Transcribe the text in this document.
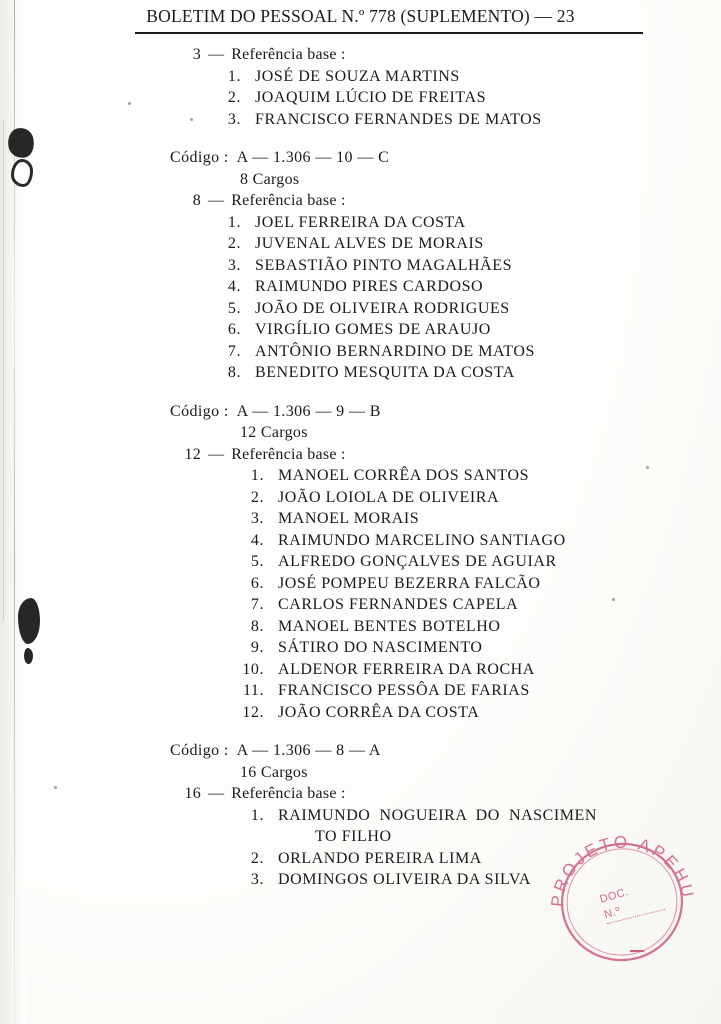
BOLETIM DO PESSOAL N.º 778 (SUPLEMENTO) — 23
3 — Referência base :
1. JOSÉ DE SOUZA MARTINS
2. JOAQUIM LÚCIO DE FREITAS
3. FRANCISCO FERNANDES DE MATOS
Código :  A — 1.306 — 10 — C
8 Cargos
8 — Referência base :
1. JOEL FERREIRA DA COSTA
2. JUVENAL ALVES DE MORAIS
3. SEBASTIÃO PINTO MAGALHÃES
4. RAIMUNDO PIRES CARDOSO
5. JOÃO DE OLIVEIRA RODRIGUES
6. VIRGÍLIO GOMES DE ARAUJO
7. ANTÔNIO BERNARDINO DE MATOS
8. BENEDITO MESQUITA DA COSTA
Código :  A — 1.306 — 9 — B
12 Cargos
12 — Referência base :
1. MANOEL CORRÊA DOS SANTOS
2. JOÃO LOIOLA DE OLIVEIRA
3. MANOEL MORAIS
4. RAIMUNDO MARCELINO SANTIAGO
5. ALFREDO GONÇALVES DE AGUIAR
6. JOSÉ POMPEU BEZERRA FALCÃO
7. CARLOS FERNANDES CAPELA
8. MANOEL BENTES BOTELHO
9. SÁTIRO DO NASCIMENTO
10. ALDENOR FERREIRA DA ROCHA
11. FRANCISCO PESSÔA DE FARIAS
12. JOÃO CORRÊA DA COSTA
Código :  A — 1.306 — 8 — A
16 Cargos
16 — Referência base :
1. RAIMUNDO  NOGUEIRA  DO  NASCIMEN
TO FILHO
2. ORLANDO PEREIRA LIMA
3. DOMINGOS OLIVEIRA DA SILVA
PROJETO APEHU
DOC.
N.º
